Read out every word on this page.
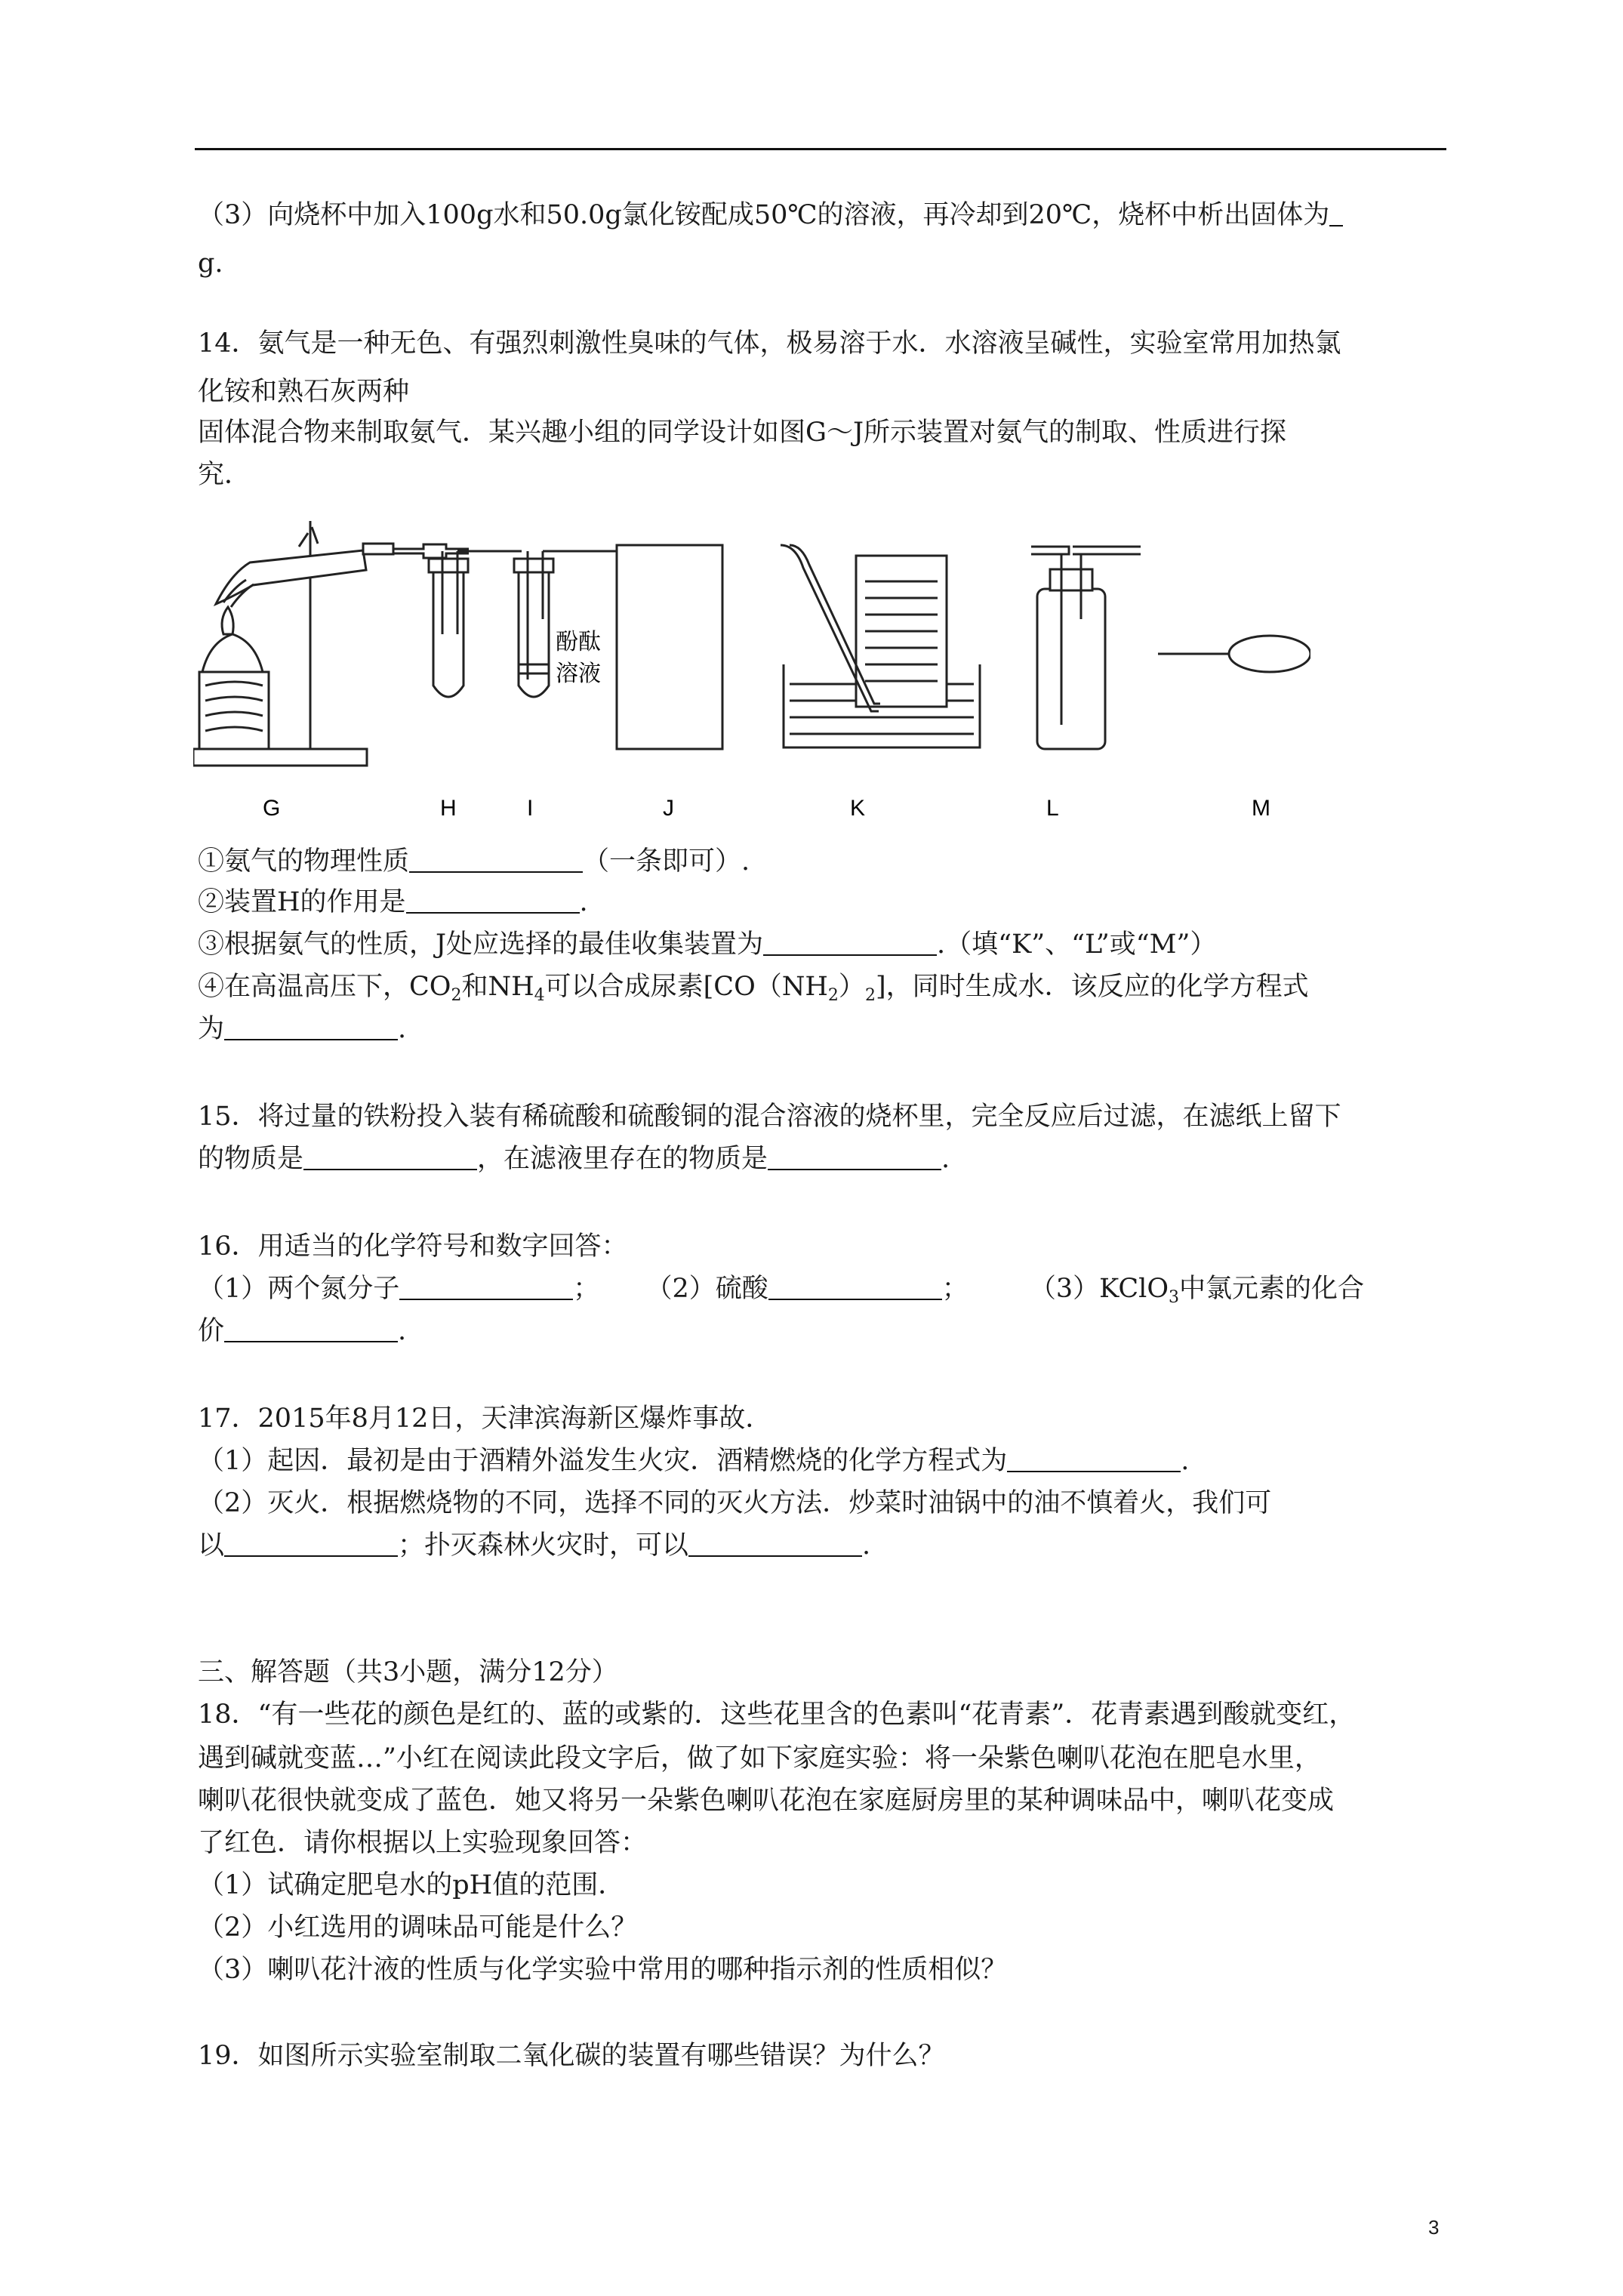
（3）向烧杯中加入100g水和50.0g氯化铵配成50℃的溶液，再冷却到20℃，烧杯中析出固体为
g.
14．氨气是一种无色、有强烈刺激性臭味的气体，极易溶于水．水溶液呈碱性，实验室常用加热氯
化铵和熟石灰两种
固体混合物来制取氨气．某兴趣小组的同学设计如图G～J所示装置对氨气的制取、性质进行探
究．
酚酞
溶液
G	H	I	J	K	L	M
①氨气的物理性质	（一条即可）.
②装置H的作用是	.
③根据氨气的性质，J处应选择的最佳收集装置为	.（填“K”、“L”或“M”）
④在高温高压下，$CO_2$和$NH_4$可以合成尿素$[CO(NH_2)_2]$，同时生成水．该反应的化学方程式
为	.
15．将过量的铁粉投入装有稀硫酸和硫酸铜的混合溶液的烧杯里，完全反应后过滤，在滤纸上留下
的物质是	，在滤液里存在的物质是	.
16．用适当的化学符号和数字回答：
（1）两个氮分子	； （2）硫酸	； （3）KClO$_3$中氯元素的化合
价	.
17．2015年8月12日，天津滨海新区爆炸事故．
（1）起因．最初是由于酒精外溢发生火灾．酒精燃烧的化学方程式为	.
（2）灭火．根据燃烧物的不同，选择不同的灭火方法．炒菜时油锅中的油不慎着火，我们可
以	；扑灭森林火灾时，可以	.
三、解答题（共3小题，满分12分）
18．“有一些花的颜色是红的、蓝的或紫的．这些花里含的色素叫“花青素”．花青素遇到酸就变红，
遇到碱就变蓝…”小红在阅读此段文字后，做了如下家庭实验：将一朵紫色喇叭花泡在肥皂水里，
喇叭花很快就变成了蓝色．她又将另一朵紫色喇叭花泡在家庭厨房里的某种调味品中，喇叭花变成
了红色．请你根据以上实验现象回答：
（1）试确定肥皂水的pH值的范围．
（2）小红选用的调味品可能是什么？
（3）喇叭花汁液的性质与化学实验中常用的哪种指示剂的性质相似？
19．如图所示实验室制取二氧化碳的装置有哪些错误？为什么？
3
